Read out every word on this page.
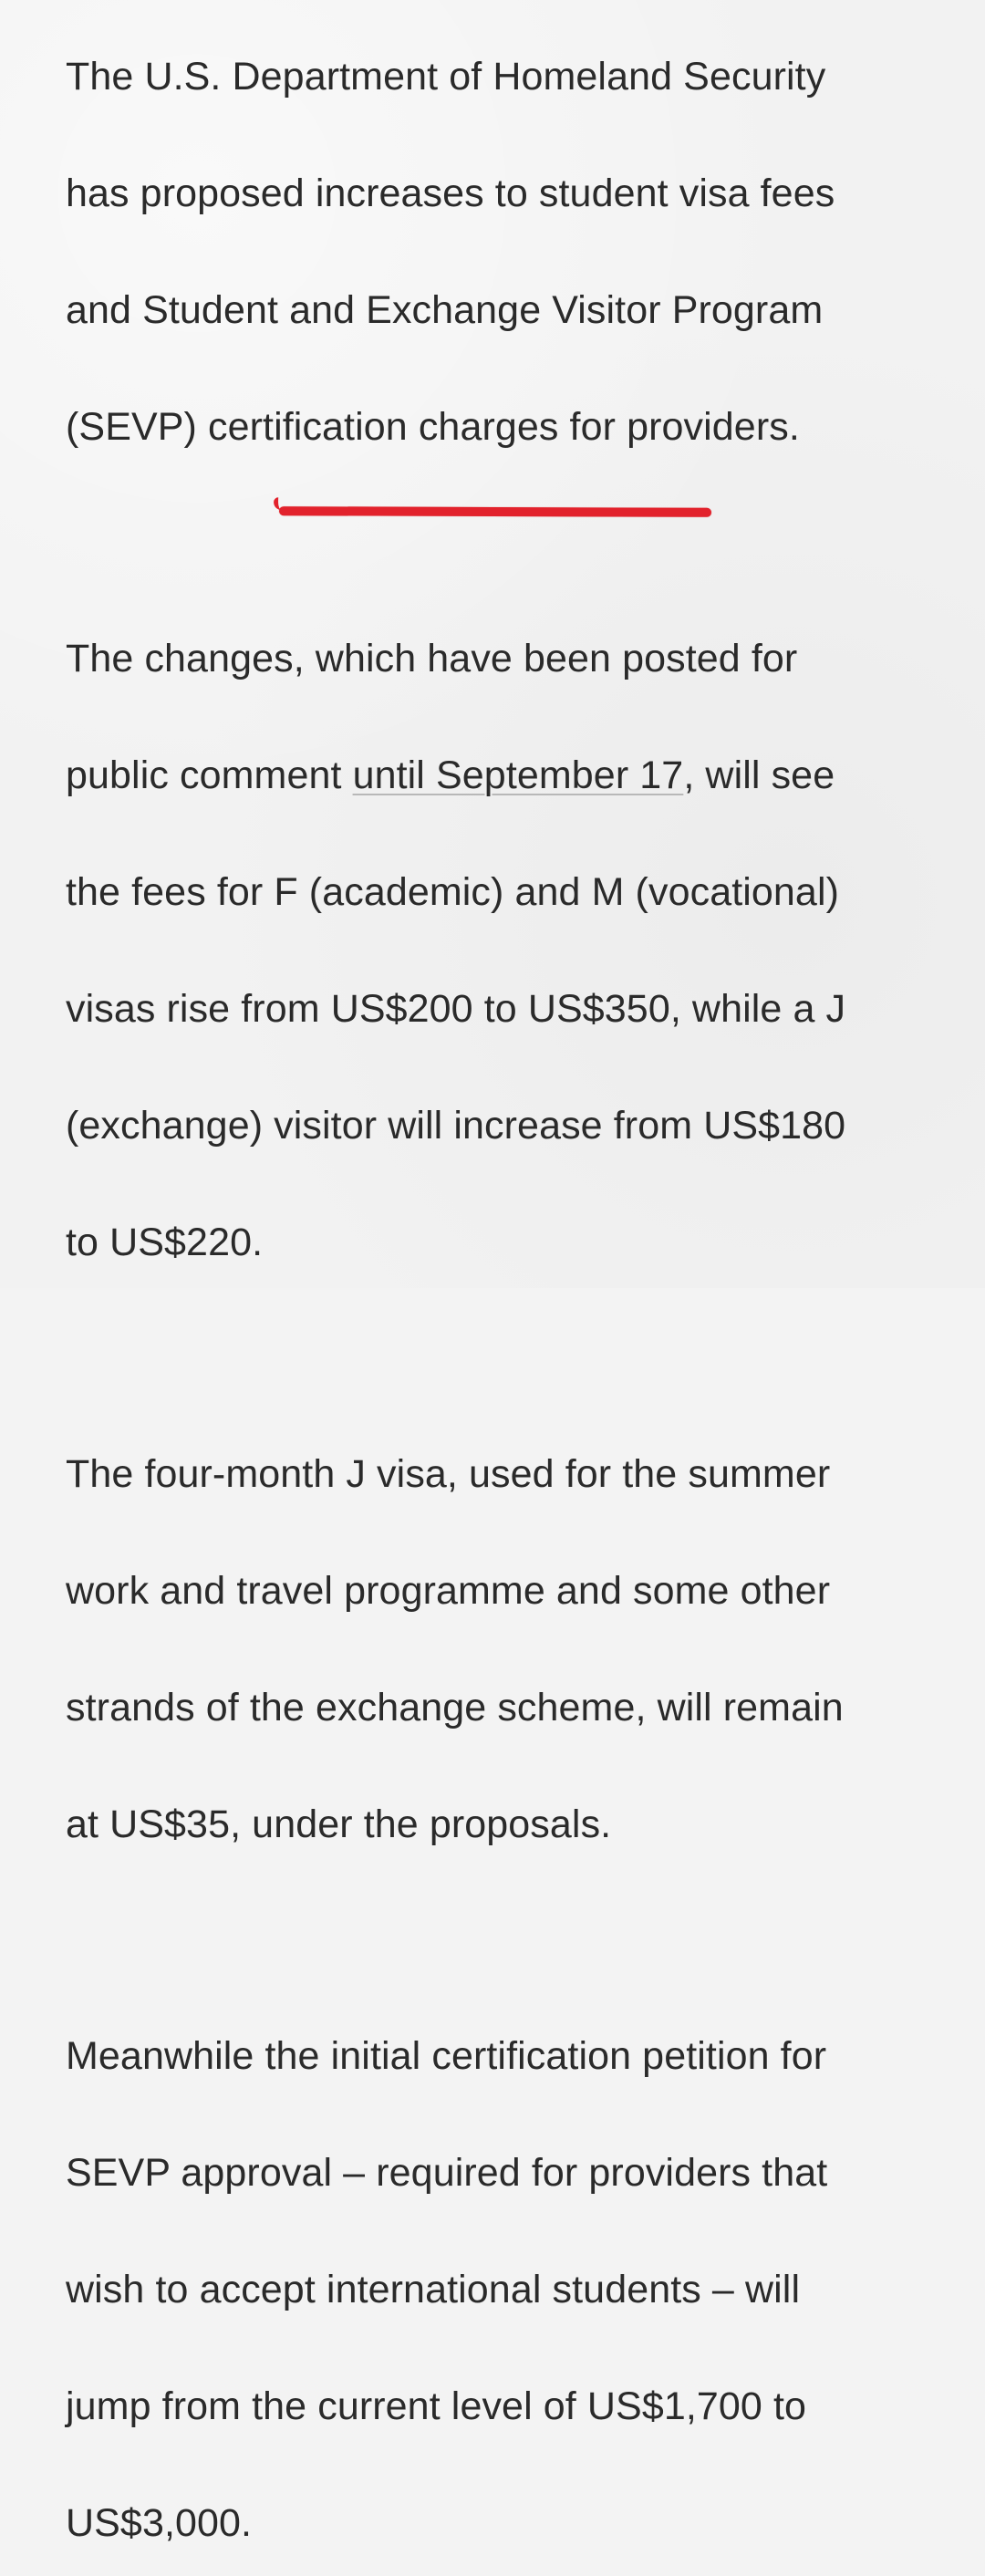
The U.S. Department of Homeland Security

has proposed increases to student visa fees

and Student and Exchange Visitor Program

(SEVP) certification charges for providers.

The changes, which have been posted for

public comment until September 17, will see

the fees for F (academic) and M (vocational)

visas rise from US$200 to US$350, while a J

(exchange) visitor will increase from US$180

to US$220.

The four-month J visa, used for the summer

work and travel programme and some other

strands of the exchange scheme, will remain

at US$35, under the proposals.

Meanwhile the initial certification petition for

SEVP approval – required for providers that

wish to accept international students – will

jump from the current level of US$1,700 to

US$3,000.
